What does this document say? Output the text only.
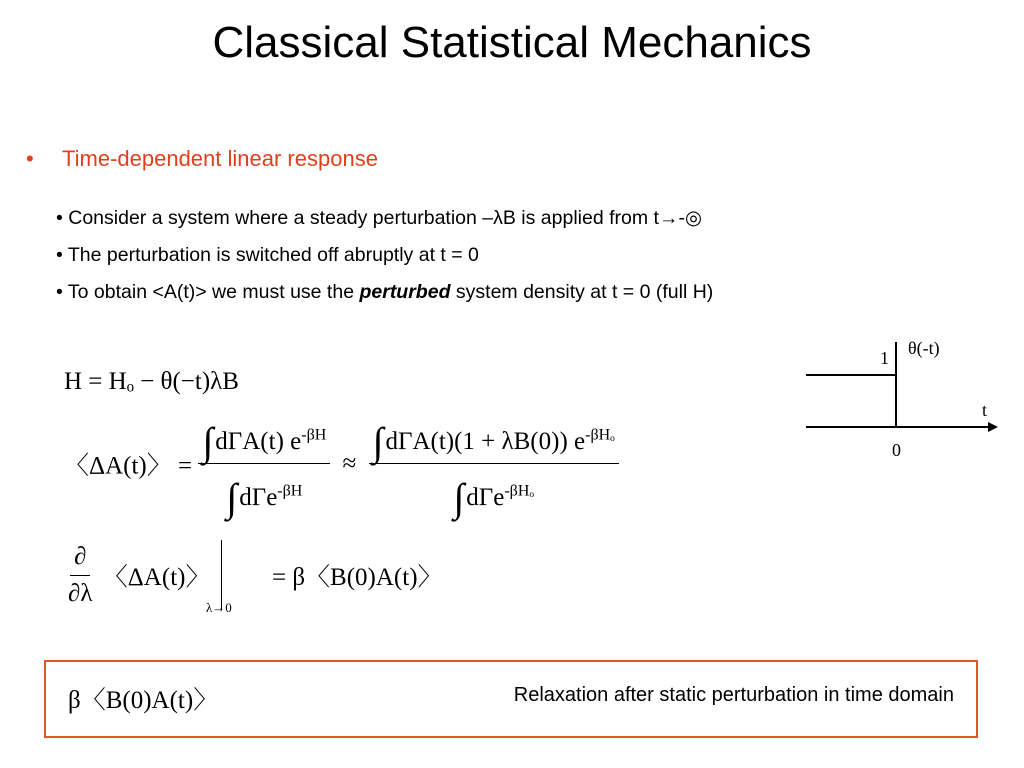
Classical Statistical Mechanics
• Time-dependent linear response
• Consider a system where a steady perturbation –λB is applied from t→-◎
• The perturbation is switched off abruptly at t = 0
• To obtain <A(t)> we must use the perturbed system density at t = 0 (full H)
H = Hₒ − θ(−t)λB
〈ΔA(t)〉 = $\frac{\int d\Gamma A(t) e^{-\beta H}}{\int d\Gamma e^{-\beta H}} \approx \frac{\int d\Gamma A(t)(1 + \lambda B(0)) e^{-\beta H_o}}{\int d\Gamma e^{-\beta H_o}}$
$\frac{\partial}{\partial\lambda}$ 〈ΔA(t)〉 = β〈B(0)A(t)〉
λ→0
θ(-t)
1
0
t
β〈B(0)A(t)〉	Relaxation after static perturbation in time domain
